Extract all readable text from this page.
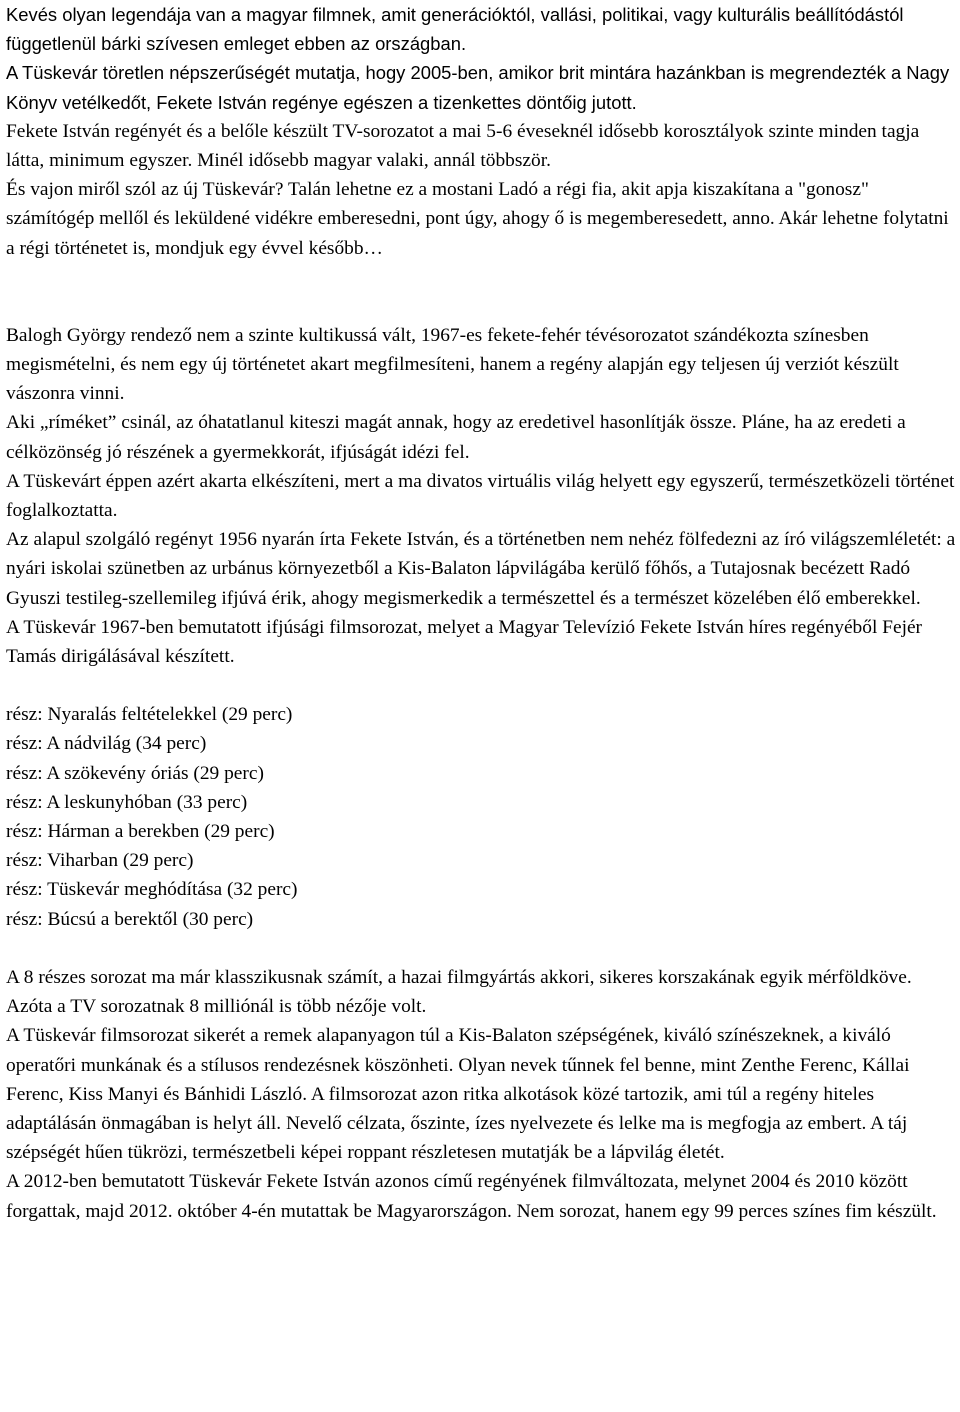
Kevés olyan legendája van a magyar filmnek, amit generációktól, vallási, politikai, vagy kulturális beállítódástól függetlenül bárki szívesen emleget ebben az országban.

A Tüskevár töretlen népszerűségét mutatja, hogy 2005-ben, amikor brit mintára hazánkban is megrendezték a Nagy Könyv vetélkedőt, Fekete István regénye egészen a tizenkettes döntőig jutott.

Fekete István regényét és a belőle készült TV-sorozatot a mai 5-6 éveseknél idősebb korosztályok szinte minden tagja látta, minimum egyszer. Minél idősebb magyar valaki, annál többször.

És vajon miről szól az új Tüskevár? Talán lehetne ez a mostani Ladó a régi fia, akit apja kiszakítana a "gonosz" számítógép mellől és leküldené vidékre emberesedni, pont úgy, ahogy ő is megemberesedett, anno. Akár lehetne folytatni a régi történetet is, mondjuk egy évvel később…

Balogh György rendező nem a szinte kultikussá vált, 1967-es fekete-fehér tévésorozatot szándékozta színesben megismételni, és nem egy új történetet akart megfilmesíteni, hanem a regény alapján egy teljesen új verziót készült vászonra vinni.

Aki „ríméket” csinál, az óhatatlanul kiteszi magát annak, hogy az eredetivel hasonlítják össze. Pláne, ha az eredeti a célközönség jó részének a gyermekkorát, ifjúságát idézi fel.

A Tüskevárt éppen azért akarta elkészíteni, mert a ma divatos virtuális világ helyett egy egyszerű, természetközeli történet foglalkoztatta.

Az alapul szolgáló regényt 1956 nyarán írta Fekete István, és a történetben nem nehéz fölfedezni az író világszemléletét: a nyári iskolai szünetben az urbánus környezetből a Kis-Balaton lápvilágába kerülő főhős, a Tutajosnak becézett Radó Gyuszi testileg-szellemileg ifjúvá érik, ahogy megismerkedik a természettel és a természet közelében élő emberekkel.

A Tüskevár 1967-ben bemutatott ifjúsági filmsorozat, melyet a Magyar Televízió Fekete István híres regényéből Fejér Tamás dirigálásával készített.

rész: Nyaralás feltételekkel (29 perc)
rész: A nádvilág (34 perc)
rész: A szökevény óriás (29 perc)
rész: A leskunyhóban (33 perc)
rész: Hárman a berekben (29 perc)
rész: Viharban (29 perc)
rész: Tüskevár meghódítása (32 perc)
rész: Búcsú a berektől (30 perc)

A 8 részes sorozat ma már klasszikusnak számít, a hazai filmgyártás akkori, sikeres korszakának egyik mérföldköve. Azóta a TV sorozatnak 8 milliónál is több nézője volt.

A Tüskevár filmsorozat sikerét a remek alapanyagon túl a Kis-Balaton szépségének, kiváló színészeknek, a kiváló operatőri munkának és a stílusos rendezésnek köszönheti. Olyan nevek tűnnek fel benne, mint Zenthe Ferenc, Kállai Ferenc, Kiss Manyi és Bánhidi László. A filmsorozat azon ritka alkotások közé tartozik, ami túl a regény hiteles adaptálásán önmagában is helyt áll. Nevelő célzata, őszinte, ízes nyelvezete és lelke ma is megfogja az embert. A táj szépségét hűen tükrözi, természetbeli képei roppant részletesen mutatják be a lápvilág életét.

A 2012-ben bemutatott Tüskevár Fekete István azonos című regényének filmváltozata, melynet 2004 és 2010 között forgattak, majd 2012. október 4-én mutattak be Magyarországon. Nem sorozat, hanem egy 99 perces színes fim készült.
